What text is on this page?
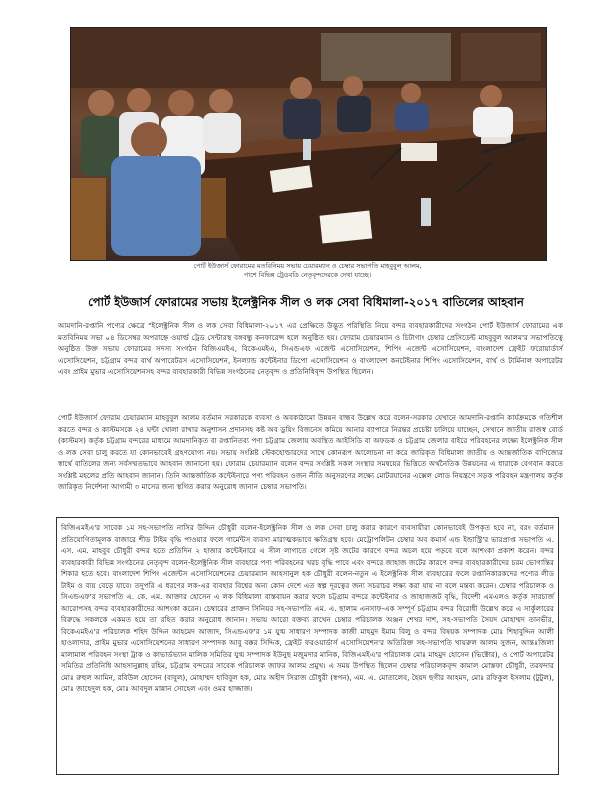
পোর্ট ইউজার্স ফোরামের মতবিনিময় সভায় চেয়ারম্যান ও চেম্বার সভাপতি মাহবুবুল আলম,
পাশে বিভিন্ন ট্রেডবডি নেতৃবৃন্দদেরকে দেখা যাচ্ছে।
পোর্ট ইউজার্স ফোরামের সভায় ইলেক্ট্রনিক সীল ও লক সেবা বিধিমালা-২০১৭ বাতিলের আহবান
আমদানি-রপ্তানি পণ্যের ক্ষেত্রে "ইলেক্ট্রনিক সীল ও লক সেবা বিধিমালা-২০১৭ এর প্রেক্ষিতে উদ্ভূত পরিস্থিতি নিয়ে বন্দর ব্যবহারকারীদের সংগঠন পোর্ট ইউজার্স ফোরামের এক মতবিনিময় সভা ০৪ ডিসেম্বর অপরাহ্নে ওয়ার্ল্ড ট্রেড সেন্টারস্থ বঙ্গবন্ধু কনফারেন্স হলে অনুষ্ঠিত হয়। ফোরাম চেয়ারম্যান ও চিটাগাং চেম্বার প্রেসিডেন্ট মাহবুবুল আলম'র সভাপতিত্বে অনুষ্ঠিত উক্ত সভায় ফোরামের সদস্য সংগঠন বিজিএমইএ, বিকেএমইএ, সিএন্ডএফ এজেন্ট এসোসিয়েশন, শিপিং এজেন্ট এসোসিয়েশন, বাংলাদেশ ফ্রেইট ফরোয়ার্ডার্স এসোসিয়েশন, চট্টগ্রাম বন্দর বার্থ অপারেটরস এসোসিয়েশন, ইনল্যান্ড কন্টেইনার ডিপো এসোসিয়েশন ও বাংলাদেশ কনটেইনার শিপিং এসোসিয়েশন, বার্থ ও টার্মিনাল অপারেটর এবং প্রাইম মুভার এসোসিয়েশনসহ বন্দর ব্যবহারকারী বিভিন্ন সংগঠনের নেতৃবৃন্দ ও প্রতিনিধিবৃন্দ উপস্থিত ছিলেন।
পোর্ট ইউজার্স ফোরাম চেয়ারম্যান মাহবুবুল আলম বর্তমান সরকারকে ব্যবসা ও অবকাঠামো উন্নয়ন বান্ধব উল্লেখ করে বলেন-সরকার যেখানে আমদানি-রপ্তানি কার্যক্রমকে গতিশীল করতে বন্দর ও কাস্টমসকে ২৪ ঘন্টা খোলা রাখার অনুশাসন প্রদানসহ কষ্ট অব ডুয়িং বিজনেস কমিয়ে আনার ব্যাপারে নিরন্তর প্রচেষ্টা চালিয়ে যাচ্ছেন, সেখানে জাতীয় রাজস্ব বোর্ড (কাস্টমস) কর্তৃক চট্টগ্রাম বন্দরের মাধ্যমে আমদানিকৃত বা রপ্তানিতব্য পণ্য চট্টগ্রাম জেলায় অবস্থিত আইসিডি বা অফডক ও চট্টগ্রাম জেলার বাইরে পরিবহনের লক্ষ্যে ইলেক্ট্রনিক সীল ও লক সেবা চালু করতে যা কোনভাবেই গ্রহণযোগ্য নয়। সভায় সংশ্লিষ্ট স্টেকহোল্ডারদের সাথে কোনরূপ আলোচনা না করে জারিকৃত বিধিমালা জাতীয় ও আন্তর্জাতিক বাণিজ্যের স্বার্থে বাতিলের জন্য সর্বসম্মতভাবে আহবান জানানো হয়। ফোরাম চেয়ারম্যান বলেন বন্দর সংশ্লিষ্ট সকল সংস্থার সমন্বয়ের ভিত্তিতে অর্থনৈতিক উন্নয়নের এ ধারাকে বেগবান করতে সংশ্লিষ্ট মহলের প্রতি আহবান জানান। তিনি আন্তর্জাতিক কন্টেইনারে পণ্য পরিবহন ওজন নীতি অনুসরণের লক্ষ্যে মোটরযানের এক্সেল লোড নিয়ন্ত্রণে সড়ক পরিবহন মন্ত্রণালয় কর্তৃক জারিকৃত নির্দেশনা আগামী ৩ মাসের জন্য স্থগিত করার অনুরোধ জানান চেম্বার সভাপতি।
বিজিএমইএ'র সাবেক ১ম সহ-সভাপতি নাসির উদ্দিন চৌধুরী বলেন-ইলেক্ট্রনিক সীল ও লক সেবা চালু করার কারণে ব্যবসায়ীরা কোনভাবেই উপকৃত হবে না, বরং বর্তমান প্রতিযোগিতামূলক বাজারে শীড টাইম বৃদ্ধি পাওয়ার ফলে গার্মেন্টস ব্যবসা মারাত্মকভাবে ক্ষতিগ্রস্থ হবে। মেট্রোপলিটন চেম্বার অব কমার্স এন্ড ইন্ডাস্ট্রি'র ভারপ্রাপ্ত সভাপতি এ. এস. এম. মাহবুব চৌধুরী বন্দর হতে প্রতিদিন ২ হাজার কন্টেইনারে এ সীল লাগাতে গেলে সৃষ্ট জটের কারণে বন্দর অচল হয়ে পড়বে বলে আশংকা প্রকাশ করেন। বন্দর ব্যবহারকারী বিভিন্ন সংগঠনের নেতৃবৃন্দ বলেন-ইলেক্ট্রনিক সীল ব্যবহারে পণ্য পরিবহনের খরচ বৃদ্ধি পাবে এবং বন্দরে জাহাজ জটের কারণে বন্দর ব্যবহারকারীদের চরম ভোগান্তির শিকার হতে হবে। বাংলাদেশ শিপিং এজেন্টস এসোসিয়েশনের চেয়ারম্যান আহসানুল হক চৌধুরী বলেন-নতুন এ ইলেক্ট্রনিক সীল ব্যবহারের ফলে রপ্তানিকারকদের পণ্যের লীড টাইম ও ব্যয় বেড়ে যাবে। তদুপরি এ ধরণের লক-এর ব্যবহার বিশ্বের অন্য কোন দেশে এত স্বল্প দূরত্বের জন্য সচরাচর লক্ষ্য করা যায় না বলে মন্তব্য করেন। চেম্বার পরিচালক ও সিএন্ডএফ'র সভাপতি এ. কে. এম. আক্তার হোসেন এ লক বিধিমালা বাস্তবায়ন করার ফলে চট্টগ্রাম বন্দরে কন্টেইনার ও জাহাজজট বৃদ্ধি, বিদেশী এমএলও কর্তৃক সারচার্জ আরোপসহ বন্দর ব্যবহারকারীদের আশংকা করেন। চেম্বারের প্রাক্তন সিনিয়র সহ-সভাপতি এম. এ. ছালাম এনসাফ-এক সম্পূর্ণ চট্টগ্রাম বন্দর বিরোধী উল্লেখ করে এ সার্কুলারের বিরুদ্ধে সকলকে একমত হয়ে তা রহিত করার অনুরোধ জানান। সভায় আরো বক্তব্য রাখেন চেম্বার পরিচালক অঞ্জন শেখর দাশ, সহ-সভাপতি সৈয়দ মোহাম্মদ তানভীর, বিকেএমইএ'র পরিচালক শহিদ উদ্দিন আহমেদ আজাদ, সিএন্ডএফ'র ১ম যুগ্ম সাধারণ সম্পাদক কাজী মাহমুদ ইমাম বিলু ও বন্দর বিষয়ক সম্পাদক মোঃ শিহাবুদ্দিন আলী হাওলাদার, প্রাইম মুভার এসোসিয়েশনের সাধারণ সম্পাদক আবু বক্কর সিদ্দিক, ফ্রেইট ফরওয়ার্ডার্স এসোসিয়েশন'র অতিরিক্ত সহ-সভাপতি খায়রুল আলম সুজন, আন্তঃজিলা মালামাল পরিবহন সংস্থা ট্রাক ও কাভার্ডভ্যান মালিক সমিতির যুগ্ম সম্পাদক ইউনুছ মজুমদার মানিক, বিজিএমইএ'র পরিচালক মোঃ মাহমুদ হোসেন (ভিক্টোর), ও পোর্ট অপারেটর সমিতির প্রতিনিধি আহসানুল্লাহ রহিম, চট্টগ্রাম বন্দরের সাবেক পরিচালক জাফর আলম প্রমুখ। এ সময় উপস্থিত ছিলেন চেম্বার পরিচালকবৃন্দ কামাল মোস্তফা চৌধুরী, তরফদার মোঃ রুহুল আমিন, রবিউল হোসেন (বাবুল), মোহাম্মদ হাবিবুল হক, মোঃ অহীদ সিরাজ চৌধুরী (স্বপন), এম. এ. মোতালেব, হৈয়দ ছগীর আহমদ, মোঃ রফিকুল ইসলাম (টুটুল), মোঃ জাহেদুল হক, মোঃ আবদুল মান্নান সোহেল এবং ওমর হাজ্জাজ।
